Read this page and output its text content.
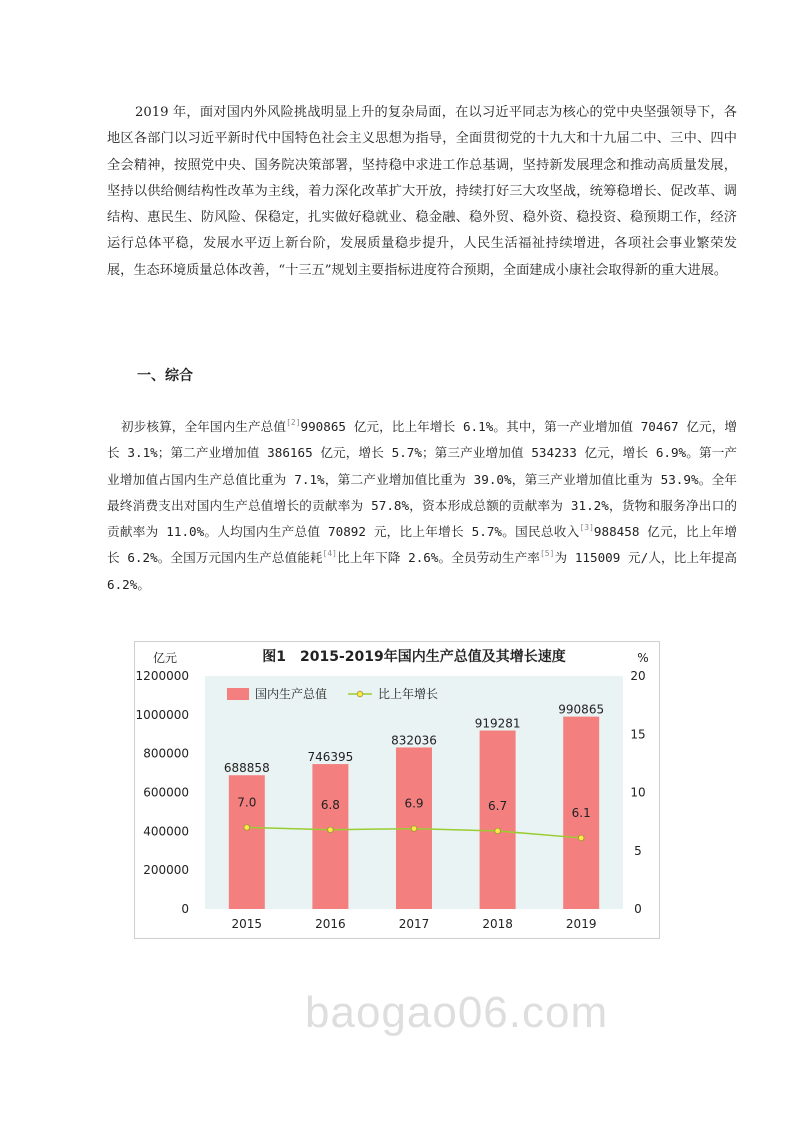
2019 年，面对国内外风险挑战明显上升的复杂局面，在以习近平同志为核心的党中央坚强领导下，各地区各部门以习近平新时代中国特色社会主义思想为指导，全面贯彻党的十九大和十九届二中、三中、四中全会精神，按照党中央、国务院决策部署，坚持稳中求进工作总基调，坚持新发展理念和推动高质量发展，坚持以供给侧结构性改革为主线，着力深化改革扩大开放，持续打好三大攻坚战，统筹稳增长、促改革、调结构、惠民生、防风险、保稳定，扎实做好稳就业、稳金融、稳外贸、稳外资、稳投资、稳预期工作，经济运行总体平稳，发展水平迈上新台阶，发展质量稳步提升，人民生活福祉持续增进，各项社会事业繁荣发展，生态环境质量总体改善，“十三五”规划主要指标进度符合预期，全面建成小康社会取得新的重大进展。
一、综合
初步核算，全年国内生产总值[2]990865 亿元，比上年增长 6.1%。其中，第一产业增加值 70467 亿元，增长 3.1%；第二产业增加值 386165 亿元，增长 5.7%；第三产业增加值 534233 亿元，增长 6.9%。第一产业增加值占国内生产总值比重为 7.1%，第二产业增加值比重为 39.0%，第三产业增加值比重为 53.9%。全年最终消费支出对国内生产总值增长的贡献率为 57.8%，资本形成总额的贡献率为 31.2%，货物和服务净出口的贡献率为 11.0%。人均国内生产总值 70892 元，比上年增长 5.7%。国民总收入[3]988458 亿元，比上年增长 6.2%。全国万元国内生产总值能耗[4]比上年下降 2.6%。全员劳动生产率[5]为 115009 元/人，比上年提高 6.2%。
图1　2015-2019年国内生产总值及其增长速度
亿元	%
0
200000
400000
600000
800000
1000000
1200000
0
5
10
15
20
688858
2015
746395
2016
832036
2017
919281
2018
990865
2019
7.0	6.8	6.9	6.7	6.1
国内生产总值	比上年增长
baogao06.com
